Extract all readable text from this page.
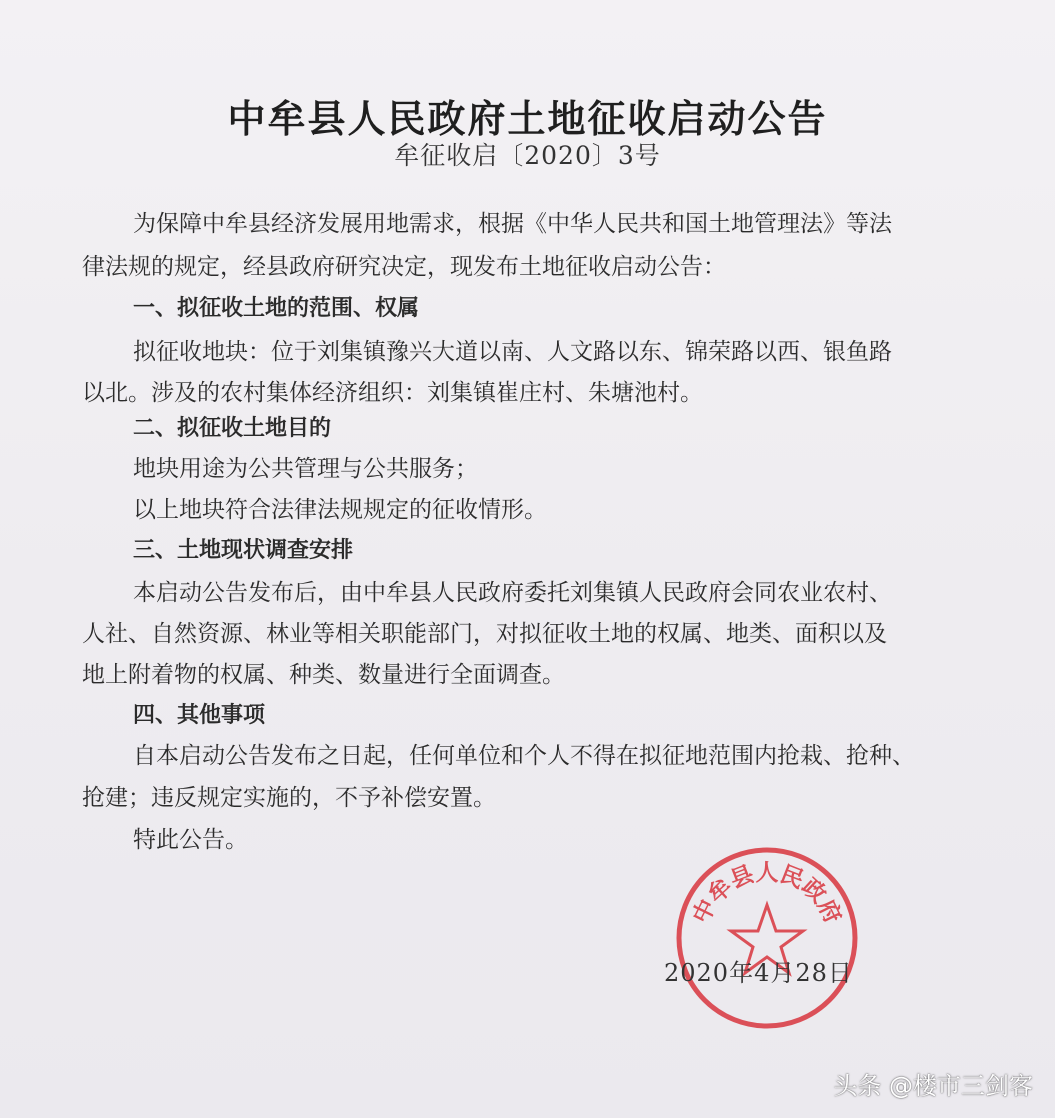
中牟县人民政府土地征收启动公告
牟征收启〔2020〕3号
为保障中牟县经济发展用地需求，根据《中华人民共和国土地管理法》等法
律法规的规定，经县政府研究决定，现发布土地征收启动公告：
一、拟征收土地的范围、权属
拟征收地块：位于刘集镇豫兴大道以南、人文路以东、锦荣路以西、银鱼路
以北。涉及的农村集体经济组织：刘集镇崔庄村、朱塘池村。
二、拟征收土地目的
地块用途为公共管理与公共服务；
以上地块符合法律法规规定的征收情形。
三、土地现状调查安排
本启动公告发布后，由中牟县人民政府委托刘集镇人民政府会同农业农村、
人社、自然资源、林业等相关职能部门，对拟征收土地的权属、地类、面积以及
地上附着物的权属、种类、数量进行全面调查。
四、其他事项
自本启动公告发布之日起，任何单位和个人不得在拟征地范围内抢栽、抢种、
抢建；违反规定实施的，不予补偿安置。
特此公告。
中牟县人民政府
2020年4月28日
头条 @楼市三剑客
